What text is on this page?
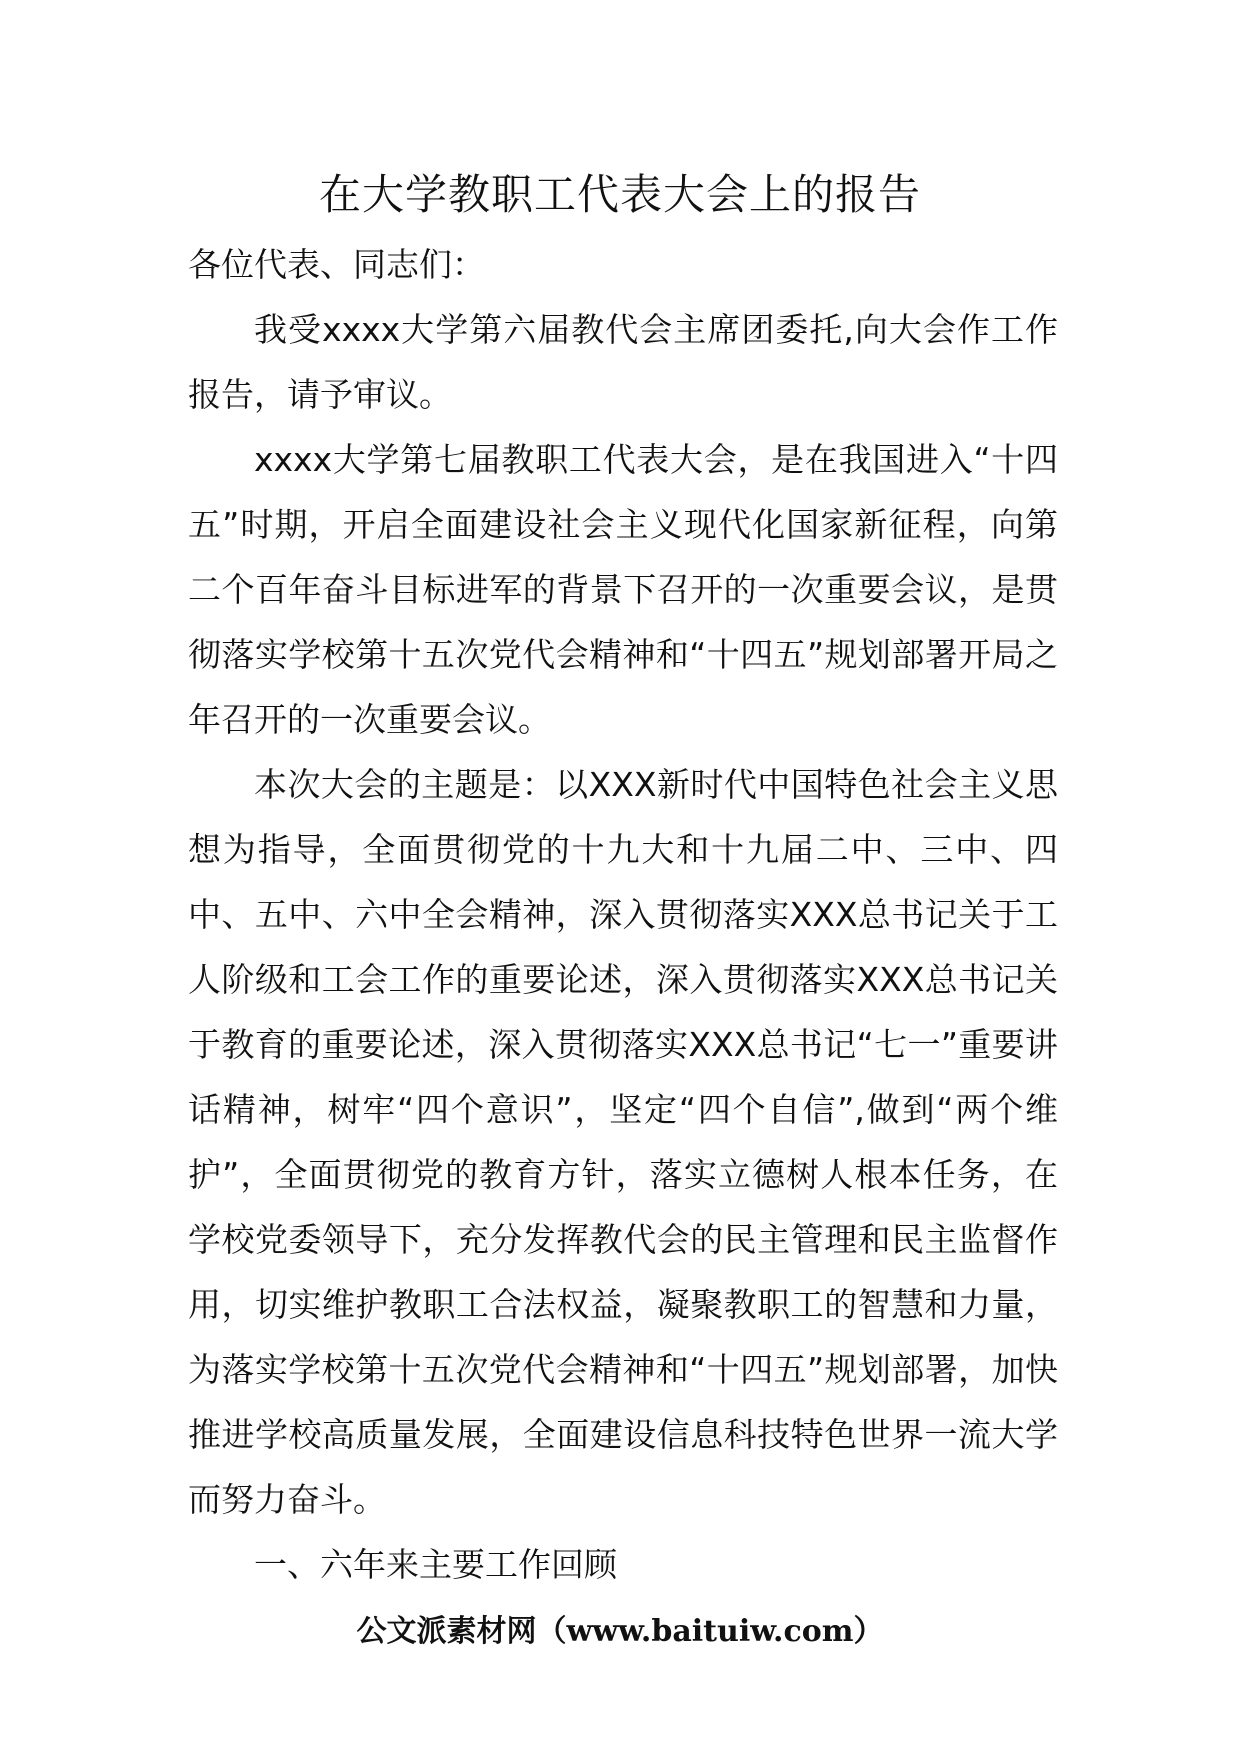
在大学教职工代表大会上的报告

各位代表、同志们：

我受xxxx大学第六届教代会主席团委托,向大会作工作报告，请予审议。

xxxx大学第七届教职工代表大会，是在我国进入“十四五”时期，开启全面建设社会主义现代化国家新征程，向第二个百年奋斗目标进军的背景下召开的一次重要会议，是贯彻落实学校第十五次党代会精神和“十四五”规划部署开局之年召开的一次重要会议。

本次大会的主题是：以XXX新时代中国特色社会主义思想为指导，全面贯彻党的十九大和十九届二中、三中、四中、五中、六中全会精神，深入贯彻落实XXX总书记关于工人阶级和工会工作的重要论述，深入贯彻落实XXX总书记关于教育的重要论述，深入贯彻落实XXX总书记“七一”重要讲话精神，树牢“四个意识”，坚定“四个自信”,做到“两个维护”，全面贯彻党的教育方针，落实立德树人根本任务，在学校党委领导下，充分发挥教代会的民主管理和民主监督作用，切实维护教职工合法权益，凝聚教职工的智慧和力量，为落实学校第十五次党代会精神和“十四五”规划部署，加快推进学校高质量发展，全面建设信息科技特色世界一流大学而努力奋斗。

一、六年来主要工作回顾

公文派素材网（www.baituiw.com）
